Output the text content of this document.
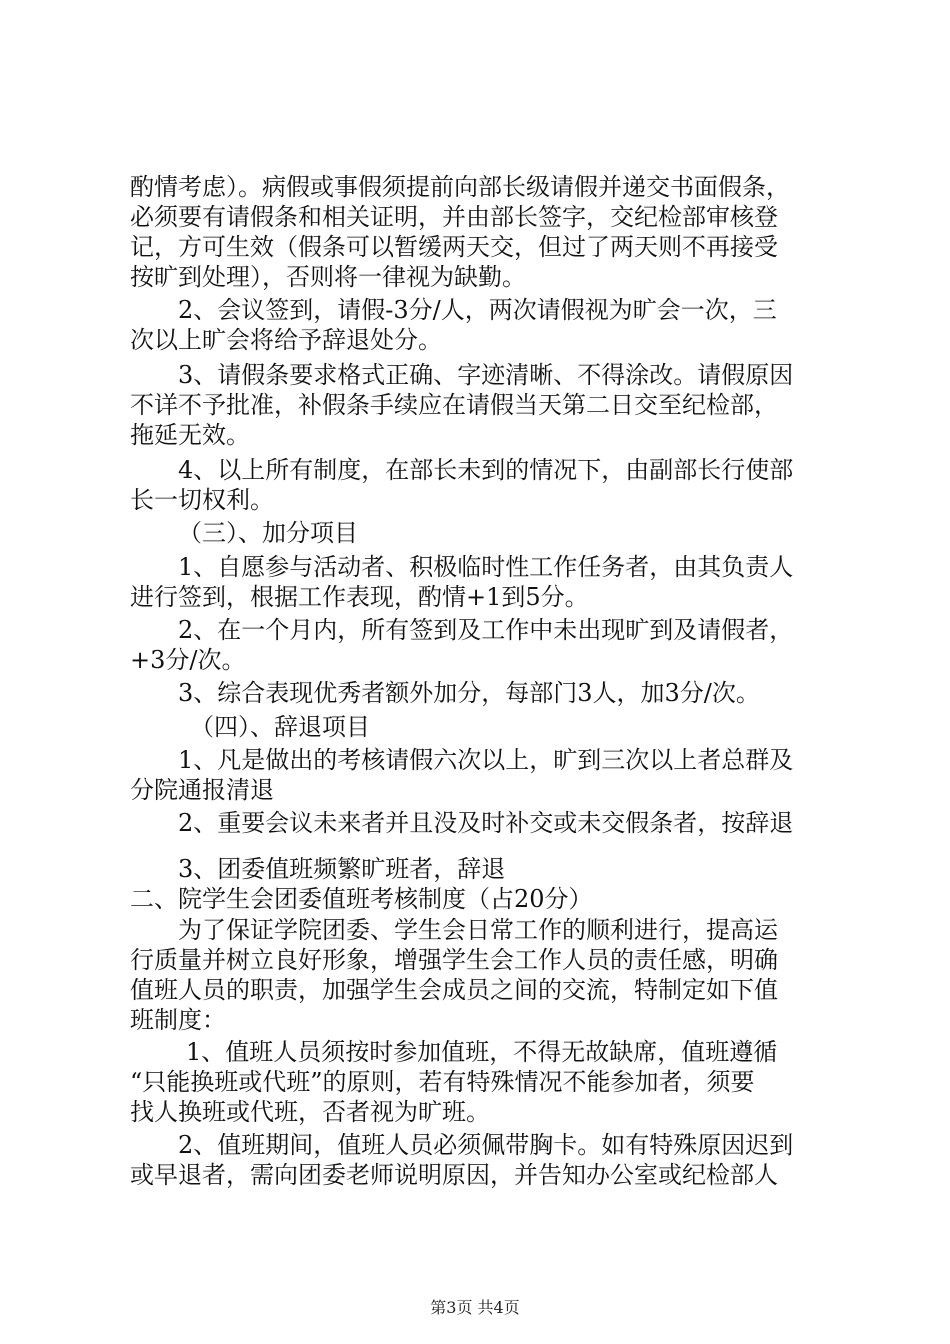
酌情考虑）。病假或事假须提前向部长级请假并递交书面假条，
必须要有请假条和相关证明，并由部长签字，交纪检部审核登
记，方可生效（假条可以暂缓两天交，但过了两天则不再接受
按旷到处理），否则将一律视为缺勤。
2、会议签到，请假-3分/人，两次请假视为旷会一次，三
次以上旷会将给予辞退处分。
3、请假条要求格式正确、字迹清晰、不得涂改。请假原因
不详不予批准，补假条手续应在请假当天第二日交至纪检部，
拖延无效。
4、以上所有制度，在部长未到的情况下，由副部长行使部
长一切权利。
（三）、加分项目
1、自愿参与活动者、积极临时性工作任务者，由其负责人
进行签到，根据工作表现，酌情+1到5分。
2、在一个月内，所有签到及工作中未出现旷到及请假者，
+3分/次。
3、综合表现优秀者额外加分，每部门3人，加3分/次。
（四）、辞退项目
1、凡是做出的考核请假六次以上，旷到三次以上者总群及
分院通报清退
2、重要会议未来者并且没及时补交或未交假条者，按辞退
3、团委值班频繁旷班者，辞退
二、院学生会团委值班考核制度（占20分）
为了保证学院团委、学生会日常工作的顺利进行，提高运
行质量并树立良好形象，增强学生会工作人员的责任感，明确
值班人员的职责，加强学生会成员之间的交流，特制定如下值
班制度：
1、值班人员须按时参加值班，不得无故缺席，值班遵循
“只能换班或代班”的原则，若有特殊情况不能参加者，须要
找人换班或代班，否者视为旷班。
2、值班期间，值班人员必须佩带胸卡。如有特殊原因迟到
或早退者，需向团委老师说明原因，并告知办公室或纪检部人
第3页 共4页
